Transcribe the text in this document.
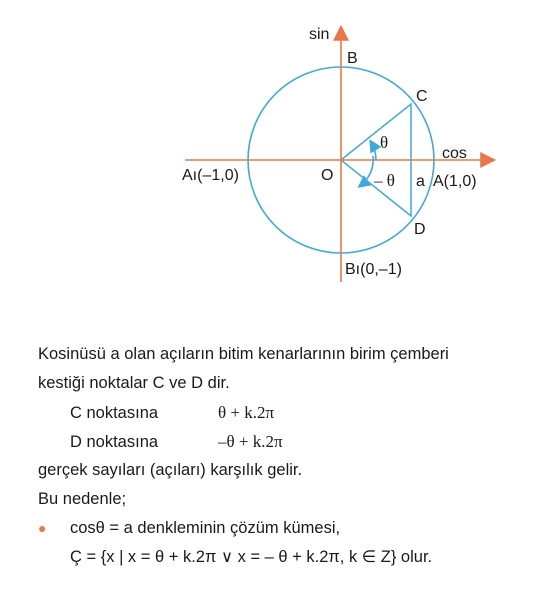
sin
B
C
cos
Aı(–1,0)	O
θ
– θ a A(1,0)
D
Bı(0,–1)
Kosinüsü a olan açıların bitim kenarlarının birim çemberi
kestiği noktalar C ve D dir.
C noktasına	θ + k.2π
D noktasına	–θ + k.2π
gerçek sayıları (açıları) karşılık gelir.
Bu nedenle;
● cosθ = a denkleminin çözüm kümesi,
Ç = {x | x = θ + k.2π ∨ x = – θ + k.2π, k ∈ Z} olur.
